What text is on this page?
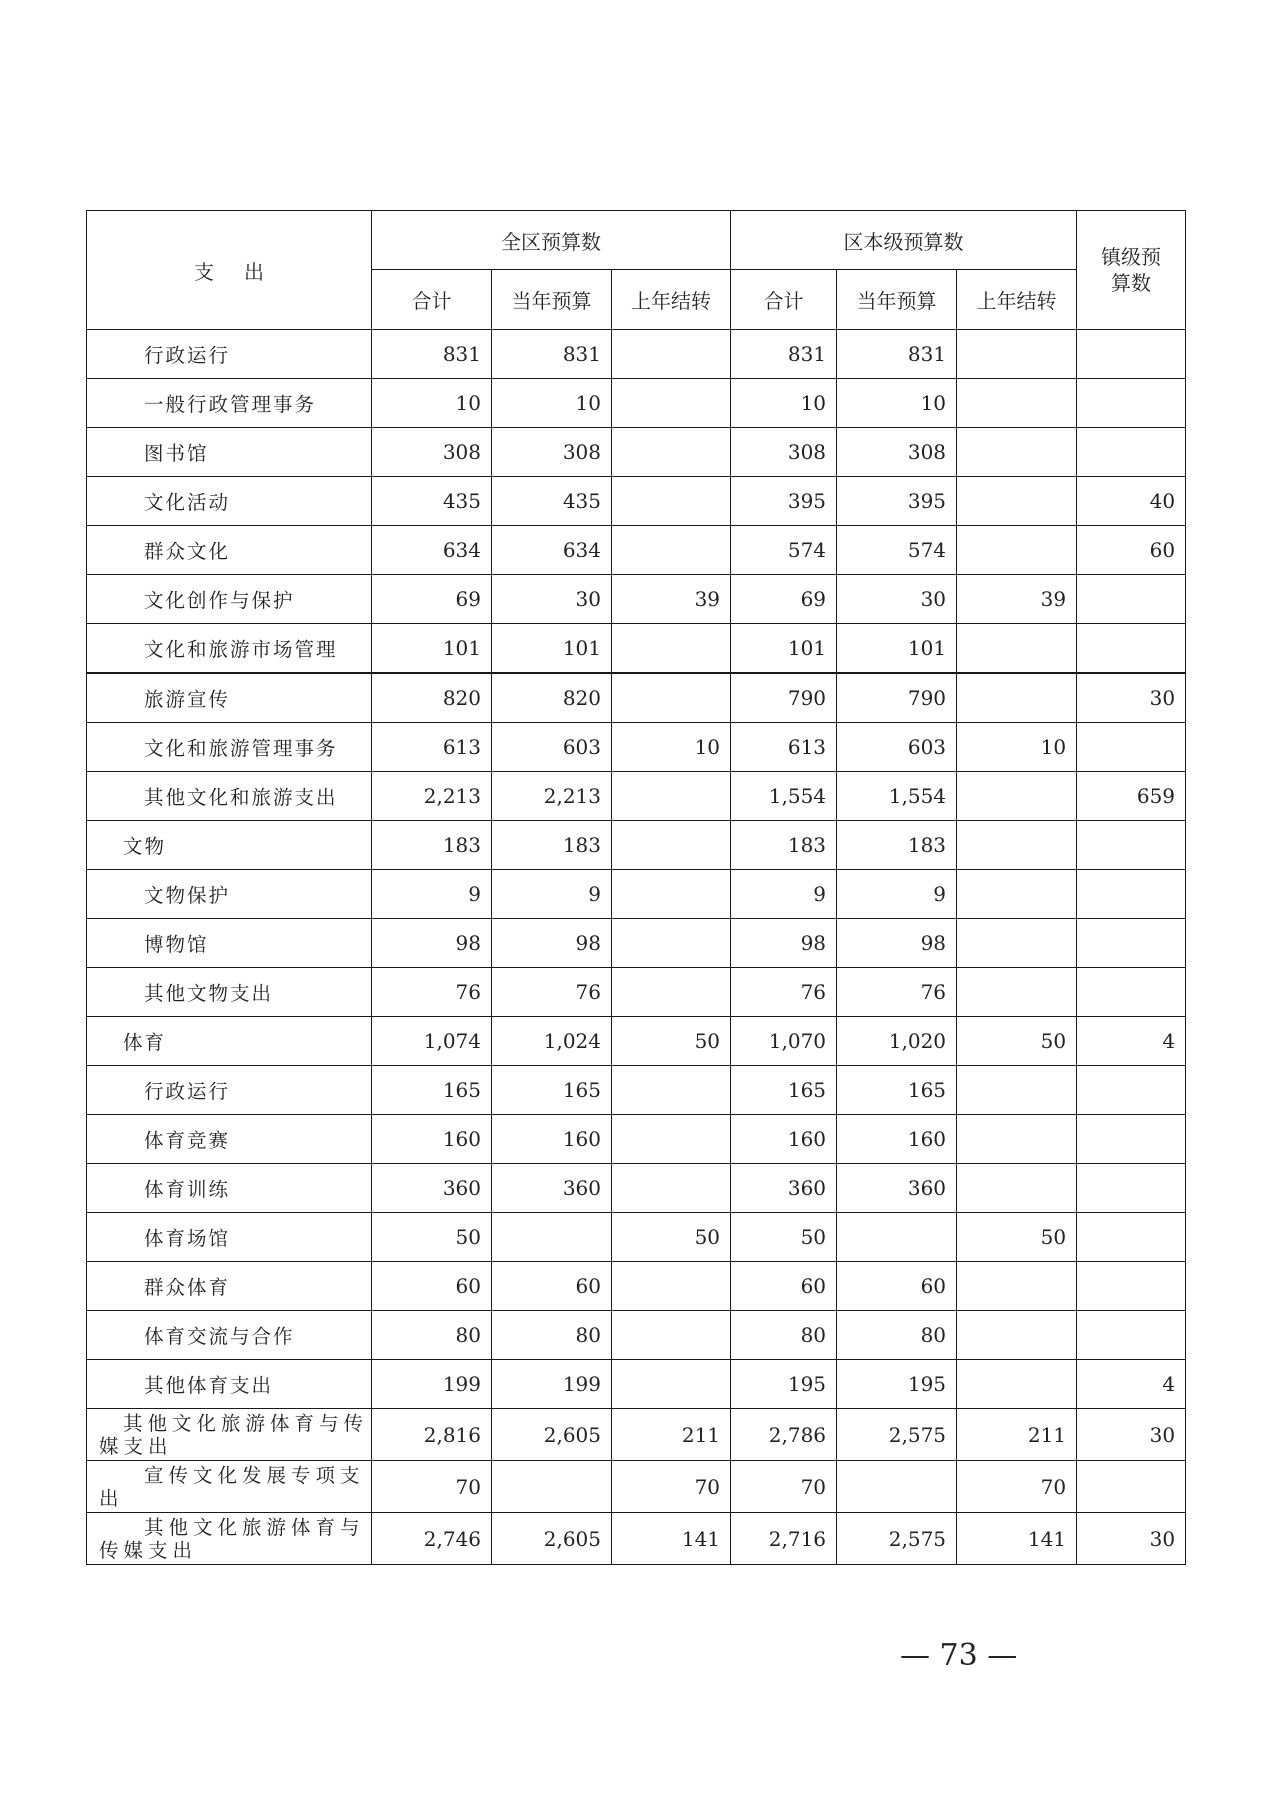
支 出	全区预算数			区本级预算数			镇级预
算数

	合计	当年预算	上年结转	合计	当年预算	上年结转	
行政运行	831	831		831	831		
一般行政管理事务	10	10		10	10		
图书馆	308	308		308	308		
文化活动	435	435		395	395		40
群众文化	634	634		574	574		60
文化创作与保护	69	30	39	69	30	39	
文化和旅游市场管理	101	101		101	101		
旅游宣传	820	820		790	790		30
文化和旅游管理事务	613	603	10	613	603	10	
其他文化和旅游支出	2,213	2,213		1,554	1,554		659
文物	183	183		183	183		
文物保护	9	9		9	9		
博物馆	98	98		98	98		
其他文物支出	76	76		76	76		
体育	1,074	1,024	50	1,070	1,020	50	4
行政运行	165	165		165	165		
体育竞赛	160	160		160	160		
体育训练	360	360		360	360		
体育场馆	50		50	50		50	
群众体育	60	60		60	60		
体育交流与合作	80	80		80	80		
其他体育支出	199	199		195	195		4
其他文化旅游体育与传媒支出	2,816	2,605	211	2,786	2,575	211	30
宣传文化发展专项支出	70		70	70		70	
其他文化旅游体育与传媒支出	2,746	2,605	141	2,716	2,575	141	30
— 73 —
